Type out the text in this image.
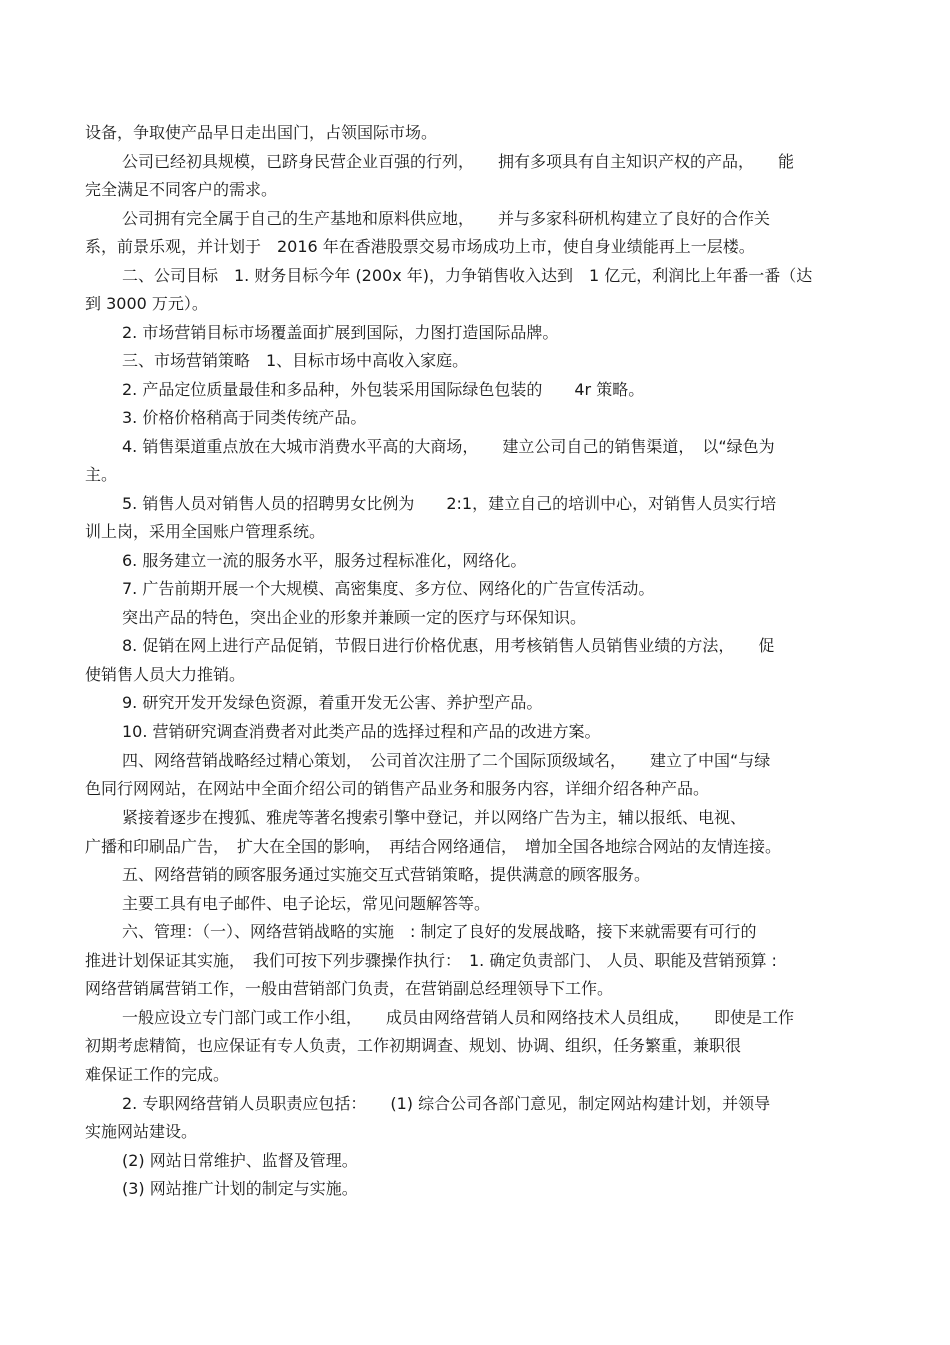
设备，争取使产品早日走出国门，占领国际市场。
公司已经初具规模，已跻身民营企业百强的行列，　　拥有多项具有自主知识产权的产品，　　能
完全满足不同客户的需求。
公司拥有完全属于自己的生产基地和原料供应地，　　并与多家科研机构建立了良好的合作关
系，前景乐观，并计划于　2016 年在香港股票交易市场成功上市，使自身业绩能再上一层楼。
二、公司目标　1. 财务目标今年 (200x 年)，力争销售收入达到　1 亿元，利润比上年番一番（达
到 3000 万元）。
2. 市场营销目标市场覆盖面扩展到国际，力图打造国际品牌。
三、市场营销策略　1、目标市场中高收入家庭。
2. 产品定位质量最佳和多品种，外包装采用国际绿色包装的　　4r 策略。
3. 价格价格稍高于同类传统产品。
4. 销售渠道重点放在大城市消费水平高的大商场，　　建立公司自己的销售渠道，　以“绿色为
主。
5. 销售人员对销售人员的招聘男女比例为　　2:1，建立自己的培训中心，对销售人员实行培
训上岗，采用全国账户管理系统。
6. 服务建立一流的服务水平，服务过程标准化，网络化。
7. 广告前期开展一个大规模、高密集度、多方位、网络化的广告宣传活动。
突出产品的特色，突出企业的形象并兼顾一定的医疗与环保知识。
8. 促销在网上进行产品促销，节假日进行价格优惠，用考核销售人员销售业绩的方法，　　促
使销售人员大力推销。
9. 研究开发开发绿色资源，着重开发无公害、养护型产品。
10. 营销研究调查消费者对此类产品的选择过程和产品的改进方案。
四、网络营销战略经过精心策划，　公司首次注册了二个国际顶级域名，　　建立了中国“与绿
色同行网网站，在网站中全面介绍公司的销售产品业务和服务内容，详细介绍各种产品。
紧接着逐步在搜狐、雅虎等著名搜索引擎中登记，并以网络广告为主，辅以报纸、电视、
广播和印刷品广告，　扩大在全国的影响，　再结合网络通信，　增加全国各地综合网站的友情连接。
五、网络营销的顾客服务通过实施交互式营销策略，提供满意的顾客服务。
主要工具有电子邮件、电子论坛，常见问题解答等。
六、管理：（一）、网络营销战略的实施　: 制定了良好的发展战略，接下来就需要有可行的
推进计划保证其实施，　我们可按下列步骤操作执行：　1. 确定负责部门、 人员、职能及营销预算 :
网络营销属营销工作，一般由营销部门负责，在营销副总经理领导下工作。
一般应设立专门部门或工作小组，　　成员由网络营销人员和网络技术人员组成，　　即使是工作
初期考虑精简，也应保证有专人负责，工作初期调查、规划、协调、组织，任务繁重，兼职很
难保证工作的完成。
2. 专职网络营销人员职责应包括：　　(1) 综合公司各部门意见，制定网站构建计划，并领导
实施网站建设。
(2) 网站日常维护、监督及管理。
(3) 网站推广计划的制定与实施。
